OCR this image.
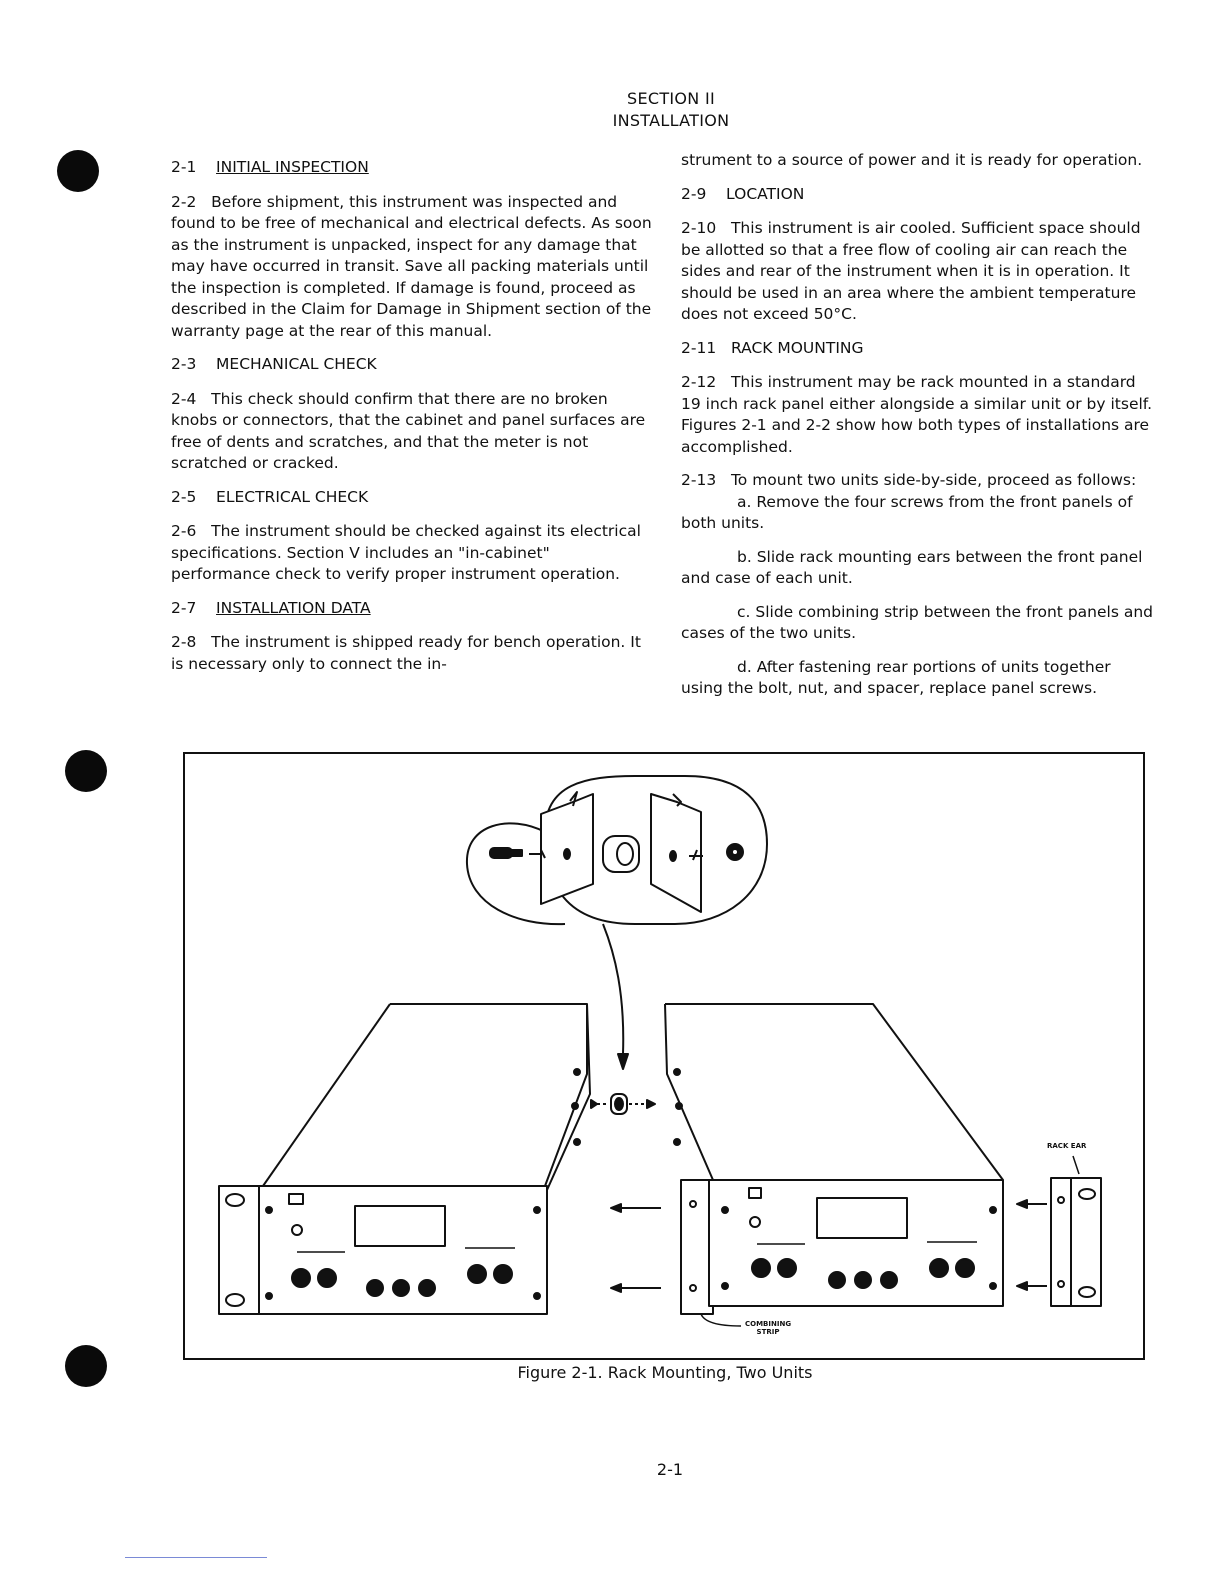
SECTION II
INSTALLATION
2-1 INITIAL INSPECTION

2-2 Before shipment, this instrument was inspected and found to be free of mechanical and electrical defects. As soon as the instrument is unpacked, inspect for any damage that may have occurred in transit. Save all packing materials until the inspection is completed. If damage is found, proceed as described in the Claim for Damage in Shipment section of the warranty page at the rear of this manual.

2-3 MECHANICAL CHECK

2-4 This check should confirm that there are no broken knobs or connectors, that the cabinet and panel surfaces are free of dents and scratches, and that the meter is not scratched or cracked.

2-5 ELECTRICAL CHECK

2-6 The instrument should be checked against its electrical specifications. Section V includes an "in-cabinet" performance check to verify proper instrument operation.

2-7 INSTALLATION DATA

2-8 The instrument is shipped ready for bench operation. It is necessary only to connect the in-

strument to a source of power and it is ready for operation.

2-9 LOCATION

2-10 This instrument is air cooled. Sufficient space should be allotted so that a free flow of cooling air can reach the sides and rear of the instrument when it is in operation. It should be used in an area where the ambient temperature does not exceed 50°C.

2-11 RACK MOUNTING

2-12 This instrument may be rack mounted in a standard 19 inch rack panel either alongside a similar unit or by itself. Figures 2-1 and 2-2 show how both types of installations are accomplished.

2-13 To mount two units side-by-side, proceed as follows:

a. Remove the four screws from the front panels of both units.

b. Slide rack mounting ears between the front panel and case of each unit.

c. Slide combining strip between the front panels and cases of the two units.

d. After fastening rear portions of units together using the bolt, nut, and spacer, replace panel screws.

RACK EAR
COMBINING
STRIP
Figure 2-1. Rack Mounting, Two Units
2-1
